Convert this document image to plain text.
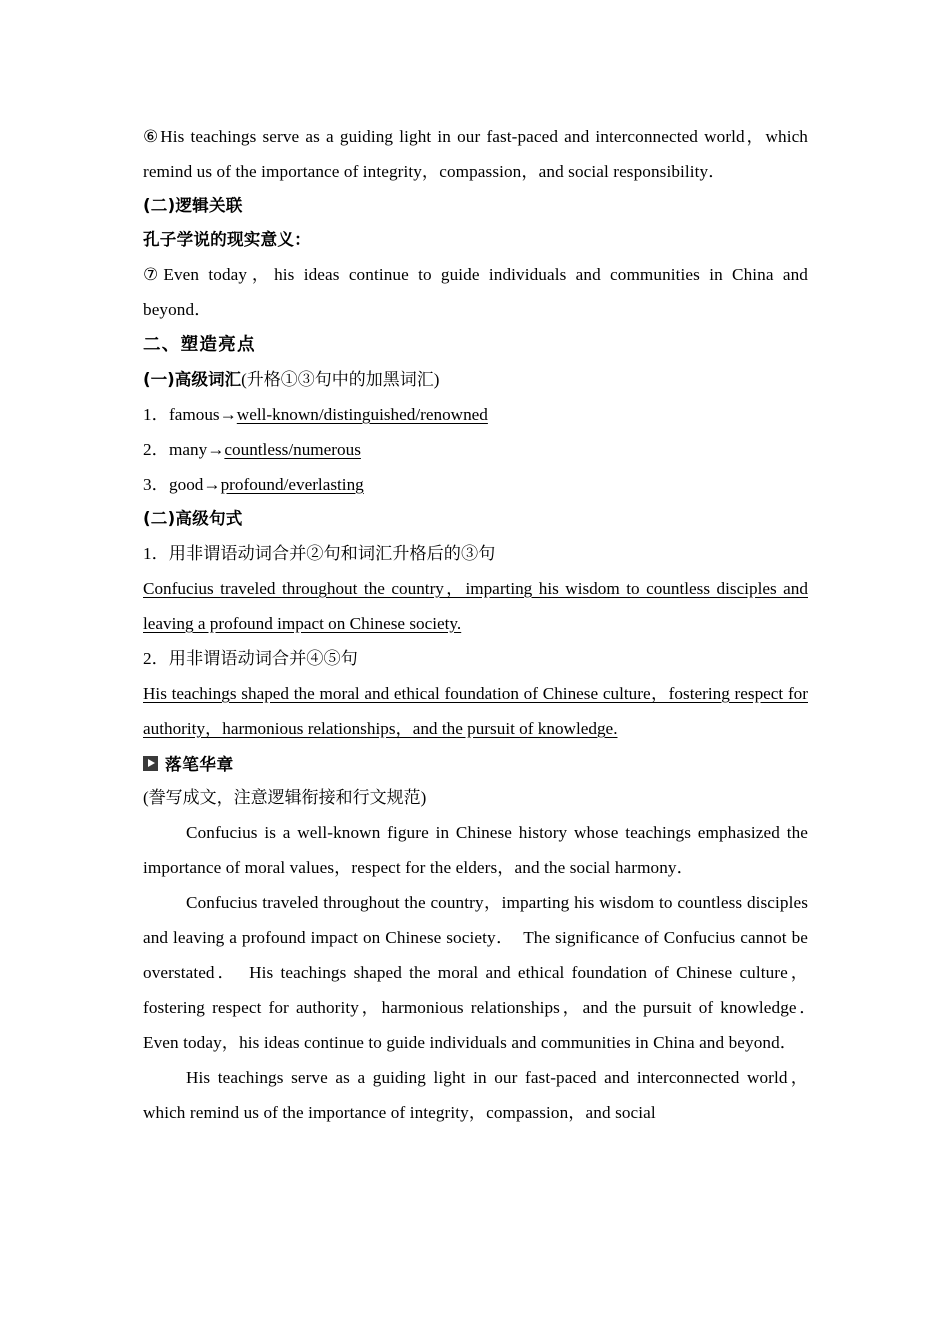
⑥His teachings serve as a guiding light in our fast-paced and interconnected world，which remind us of the importance of integrity，compassion，and social responsibility．

(二)逻辑关联

孔子学说的现实意义：

⑦Even today，his ideas continue to guide individuals and communities in China and beyond．

二、塑造亮点

(一)高级词汇(升格①③句中的加黑词汇)

1．famous→well-known/distinguished/renowned

2．many→countless/numerous

3．good→profound/everlasting

(二)高级句式

1．用非谓语动词合并②句和词汇升格后的③句

Confucius traveled throughout the country，imparting his wisdom to countless disciples and leaving a profound impact on Chinese society.

2．用非谓语动词合并④⑤句

His teachings shaped the moral and ethical foundation of Chinese culture，fostering respect for authority，harmonious relationships，and the pursuit of knowledge.

落笔华章

(誊写成文，注意逻辑衔接和行文规范)

Confucius is a well-known figure in Chinese history whose teachings emphasized the importance of moral values，respect for the elders，and the social harmony．

Confucius traveled throughout the country，imparting his wisdom to countless disciples and leaving a profound impact on Chinese society．　The significance of Confucius cannot be overstated．　His teachings shaped the moral and ethical foundation of Chinese culture，fostering respect for authority，harmonious relationships，and the pursuit of knowledge．　Even today，his ideas continue to guide individuals and communities in China and beyond．

His teachings serve as a guiding light in our fast-paced and interconnected world，which remind us of the importance of integrity，compassion，and social
